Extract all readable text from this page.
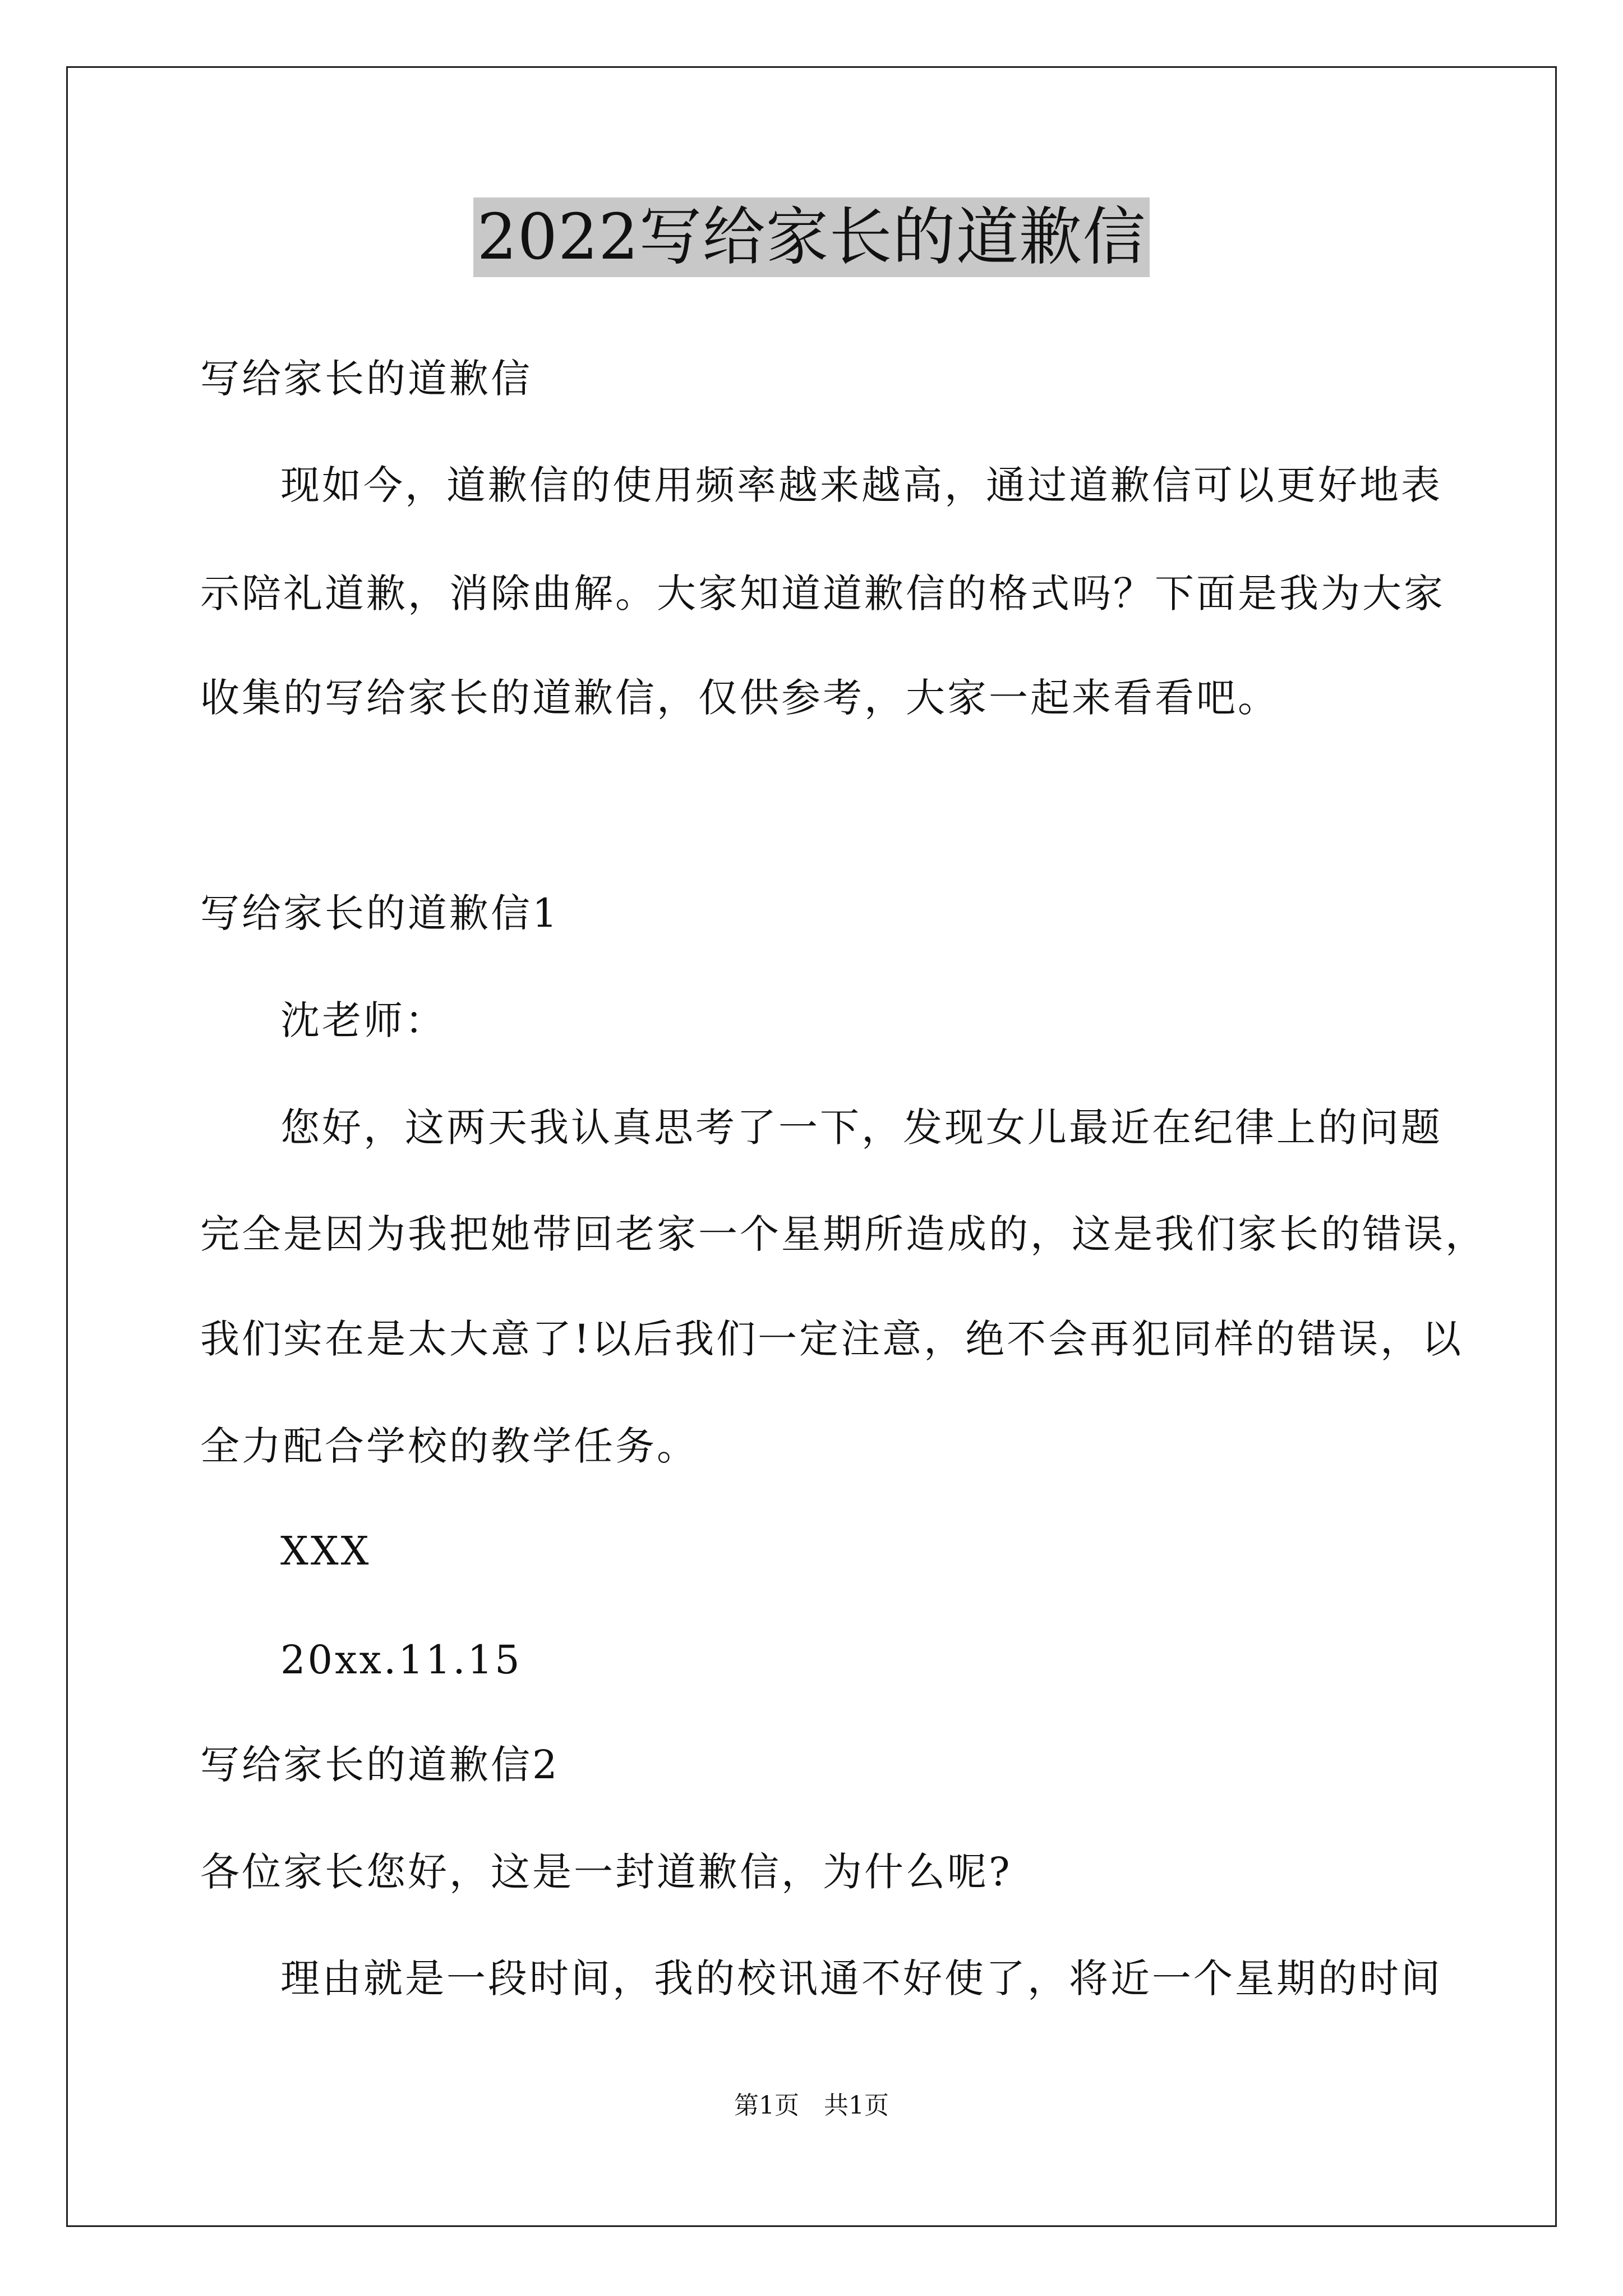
2022写给家长的道歉信
写给家长的道歉信
现如今，道歉信的使用频率越来越高，通过道歉信可以更好地表
示陪礼道歉，消除曲解。大家知道道歉信的格式吗？下面是我为大家
收集的写给家长的道歉信，仅供参考，大家一起来看看吧。
写给家长的道歉信1
沈老师：
您好，这两天我认真思考了一下，发现女儿最近在纪律上的问题
完全是因为我把她带回老家一个星期所造成的，这是我们家长的错误，
我们实在是太大意了!以后我们一定注意，绝不会再犯同样的错误，以
全力配合学校的教学任务。
XXX
20xx.11.15
写给家长的道歉信2
各位家长您好，这是一封道歉信，为什么呢?
理由就是一段时间，我的校讯通不好使了，将近一个星期的时间
第1页　共1页
